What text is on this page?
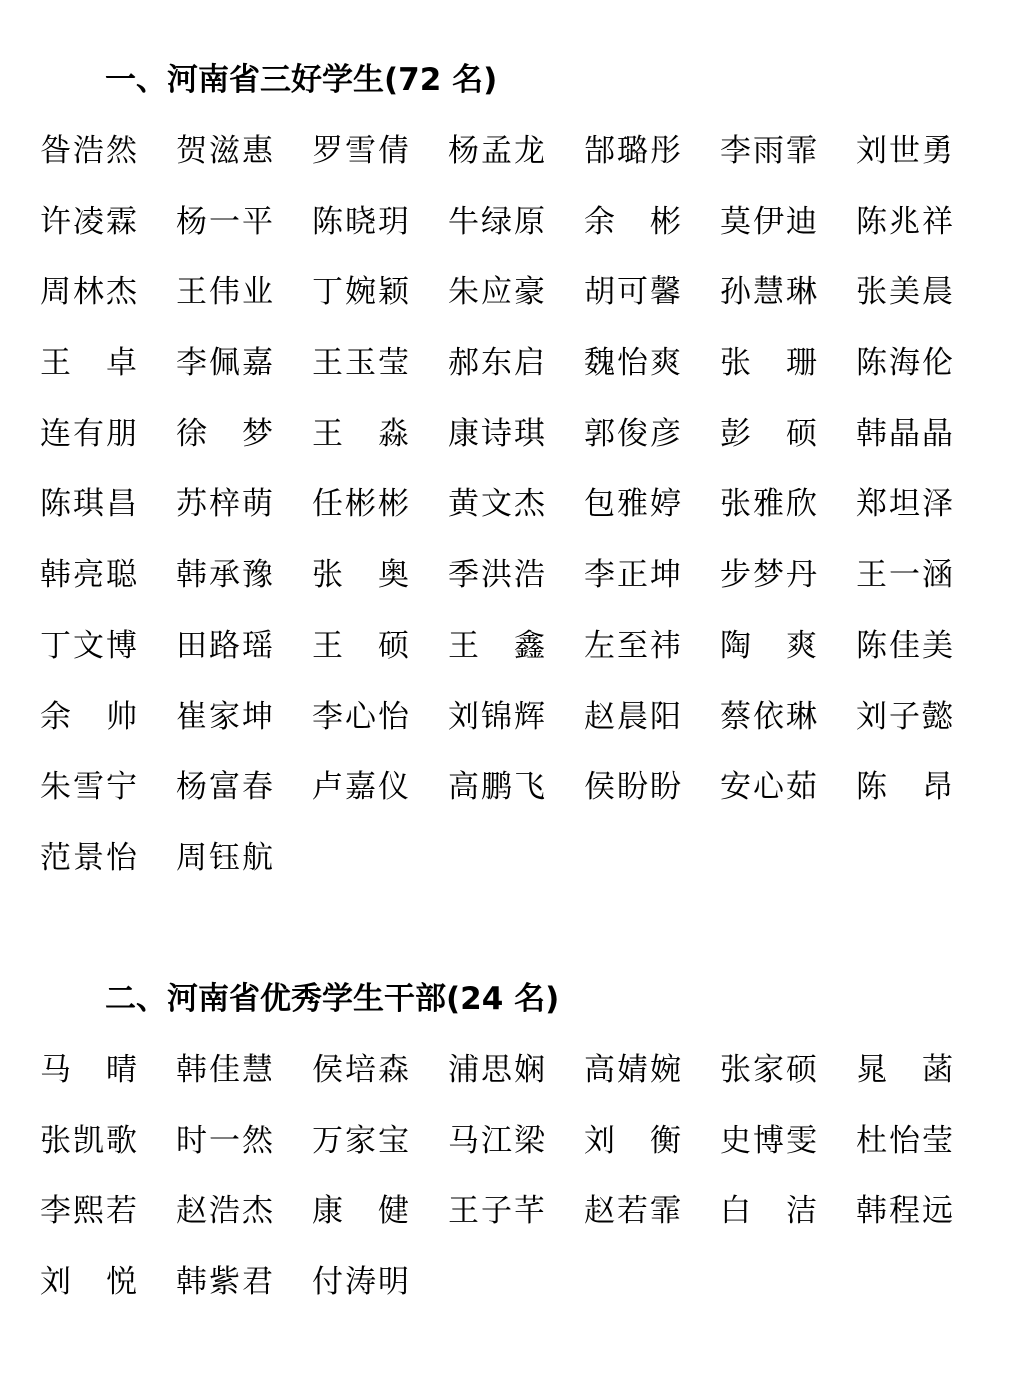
一、河南省三好学生(72 名)
昝 浩 然 贺 滋 惠 罗 雪 倩 杨 孟 龙 郜 璐 彤 李 雨 霏 刘 世 勇
许 凌 霖 杨 一 平 陈 晓 玥 牛 绿 原 余 彬 莫 伊 迪 陈 兆 祥
周 林 杰 王 伟 业 丁 婉 颖 朱 应 豪 胡 可 馨 孙 慧 琳 张 美 晨
王 卓 李 佩 嘉 王 玉 莹 郝 东 启 魏 怡 爽 张 珊 陈 海 伦
连 有 朋 徐 梦 王 淼 康 诗 琪 郭 俊 彦 彭 硕 韩 晶 晶
陈 琪 昌 苏 梓 萌 任 彬 彬 黄 文 杰 包 雅 婷 张 雅 欣 郑 坦 泽
韩 亮 聪 韩 承 豫 张 奥 季 洪 浩 李 正 坤 步 梦 丹 王 一 涵
丁 文 博 田 路 瑶 王 硕 王 鑫 左 至 祎 陶 爽 陈 佳 美
余 帅 崔 家 坤 李 心 怡 刘 锦 辉 赵 晨 阳 蔡 依 琳 刘 子 懿
朱 雪 宁 杨 富 春 卢 嘉 仪 高 鹏 飞 侯 盼 盼 安 心 茹 陈 昂
范 景 怡 周 钰 航
二、河南省优秀学生干部(24 名)
马 晴 韩 佳 慧 侯 培 森 浦 思 娴 高 婧 婉 张 家 硕 晁 菡
张 凯 歌 时 一 然 万 家 宝 马 江 梁 刘 衡 史 博 雯 杜 怡 莹
李 熙 若 赵 浩 杰 康 健 王 子 芊 赵 若 霏 白 洁 韩 程 远
刘 悦 韩 紫 君 付 涛 明
